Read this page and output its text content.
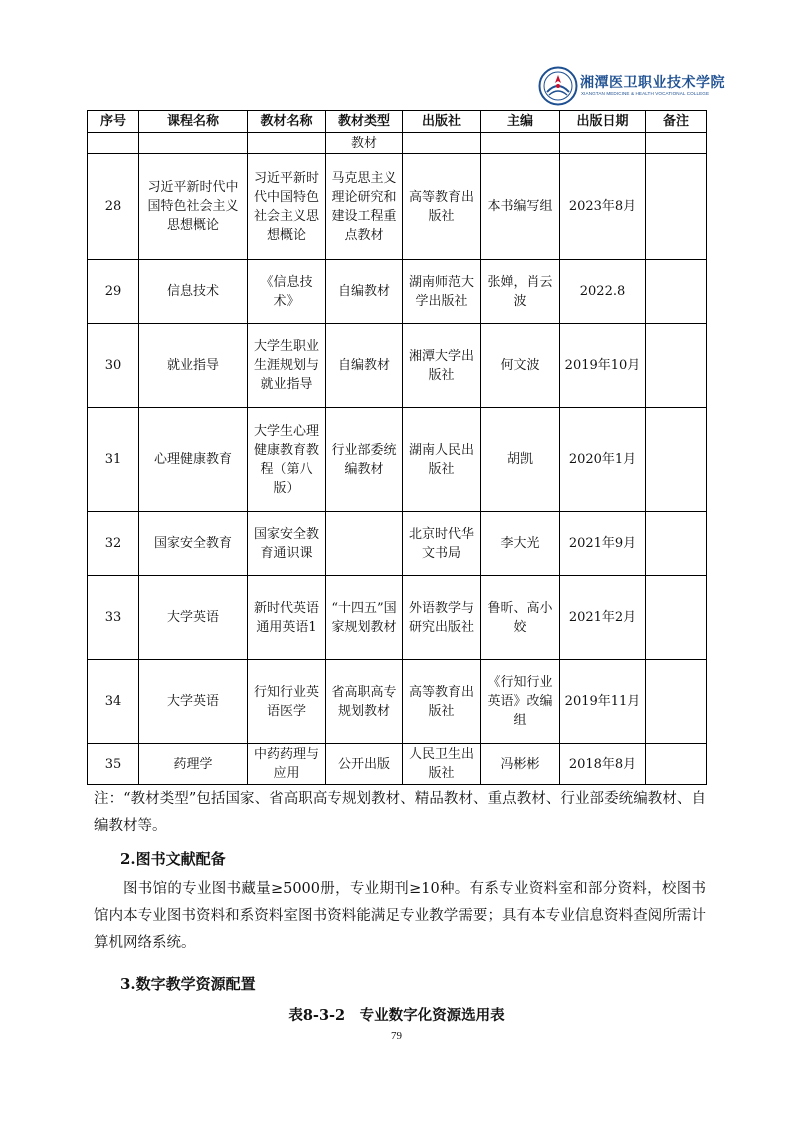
湘潭医卫职业技术学院
XIANGTAN MEDICINE & HEALTH VOCATIONAL COLLEGE
序号	课程名称	教材名称	教材类型	出版社	主编	出版日期	备注
			教材				
28	习近平新时代中国特色社会主义思想概论	习近平新时代中国特色社会主义思想概论	马克思主义理论研究和建设工程重点教材	高等教育出版社	本书编写组	2023年8月	
29	信息技术	《信息技术》	自编教材	湖南师范大学出版社	张婵，肖云波	2022.8	
30	就业指导	大学生职业生涯规划与就业指导	自编教材	湘潭大学出版社	何文波	2019年10月	
31	心理健康教育	大学生心理健康教育教程（第八版）	行业部委统编教材	湖南人民出版社	胡凯	2020年1月	
32	国家安全教育	国家安全教育通识课		北京时代华文书局	李大光	2021年9月	
33	大学英语	新时代英语通用英语1	“十四五”国家规划教材	外语教学与研究出版社	鲁昕、高小姣	2021年2月	
34	大学英语	行知行业英语医学	省高职高专规划教材	高等教育出版社	《行知行业英语》改编组	2019年11月	
35	药理学	中药药理与应用	公开出版	人民卫生出版社	冯彬彬	2018年8月	

注：“教材类型”包括国家、省高职高专规划教材、精品教材、重点教材、行业部委统编教材、自编教材等。

2.图书文献配备

图书馆的专业图书藏量≥5000册，专业期刊≥10种。有系专业资料室和部分资料，校图书馆内本专业图书资料和系资料室图书资料能满足专业教学需要；具有本专业信息资料查阅所需计算机网络系统。

3.数字教学资源配置
表8-3-2　专业数字化资源选用表
79
